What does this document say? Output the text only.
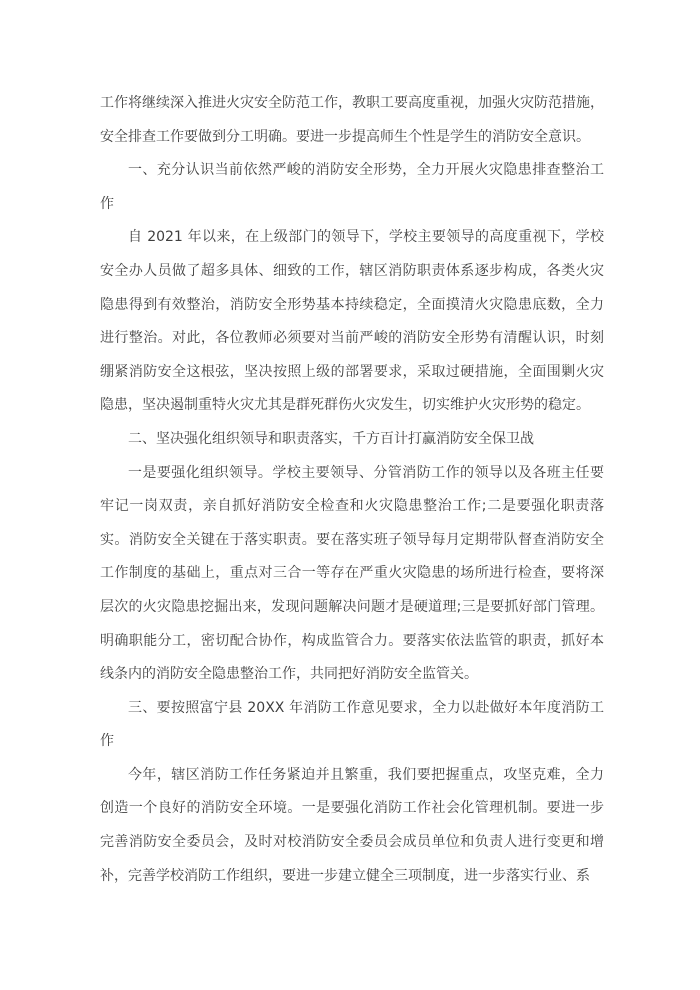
工作将继续深入推进火灾安全防范工作，教职工要高度重视，加强火灾防范措施，
安全排查工作要做到分工明确。要进一步提高师生个性是学生的消防安全意识。
一、充分认识当前依然严峻的消防安全形势，全力开展火灾隐患排查整治工
作
自 2021 年以来，在上级部门的领导下，学校主要领导的高度重视下，学校
安全办人员做了超多具体、细致的工作，辖区消防职责体系逐步构成，各类火灾
隐患得到有效整治，消防安全形势基本持续稳定，全面摸清火灾隐患底数，全力
进行整治。对此，各位教师必须要对当前严峻的消防安全形势有清醒认识，时刻
绷紧消防安全这根弦，坚决按照上级的部署要求，采取过硬措施，全面围剿火灾
隐患，坚决遏制重特火灾尤其是群死群伤火灾发生，切实维护火灾形势的稳定。
二、坚决强化组织领导和职责落实，千方百计打赢消防安全保卫战
一是要强化组织领导。学校主要领导、分管消防工作的领导以及各班主任要
牢记一岗双责，亲自抓好消防安全检查和火灾隐患整治工作;二是要强化职责落
实。消防安全关键在于落实职责。要在落实班子领导每月定期带队督查消防安全
工作制度的基础上，重点对三合一等存在严重火灾隐患的场所进行检查，要将深
层次的火灾隐患挖掘出来，发现问题解决问题才是硬道理;三是要抓好部门管理。
明确职能分工，密切配合协作，构成监管合力。要落实依法监管的职责，抓好本
线条内的消防安全隐患整治工作，共同把好消防安全监管关。
三、要按照富宁县 20XX 年消防工作意见要求，全力以赴做好本年度消防工
作
今年，辖区消防工作任务紧迫并且繁重，我们要把握重点，攻坚克难，全力
创造一个良好的消防安全环境。一是要强化消防工作社会化管理机制。要进一步
完善消防安全委员会，及时对校消防安全委员会成员单位和负责人进行变更和增
补，完善学校消防工作组织，要进一步建立健全三项制度，进一步落实行业、系
